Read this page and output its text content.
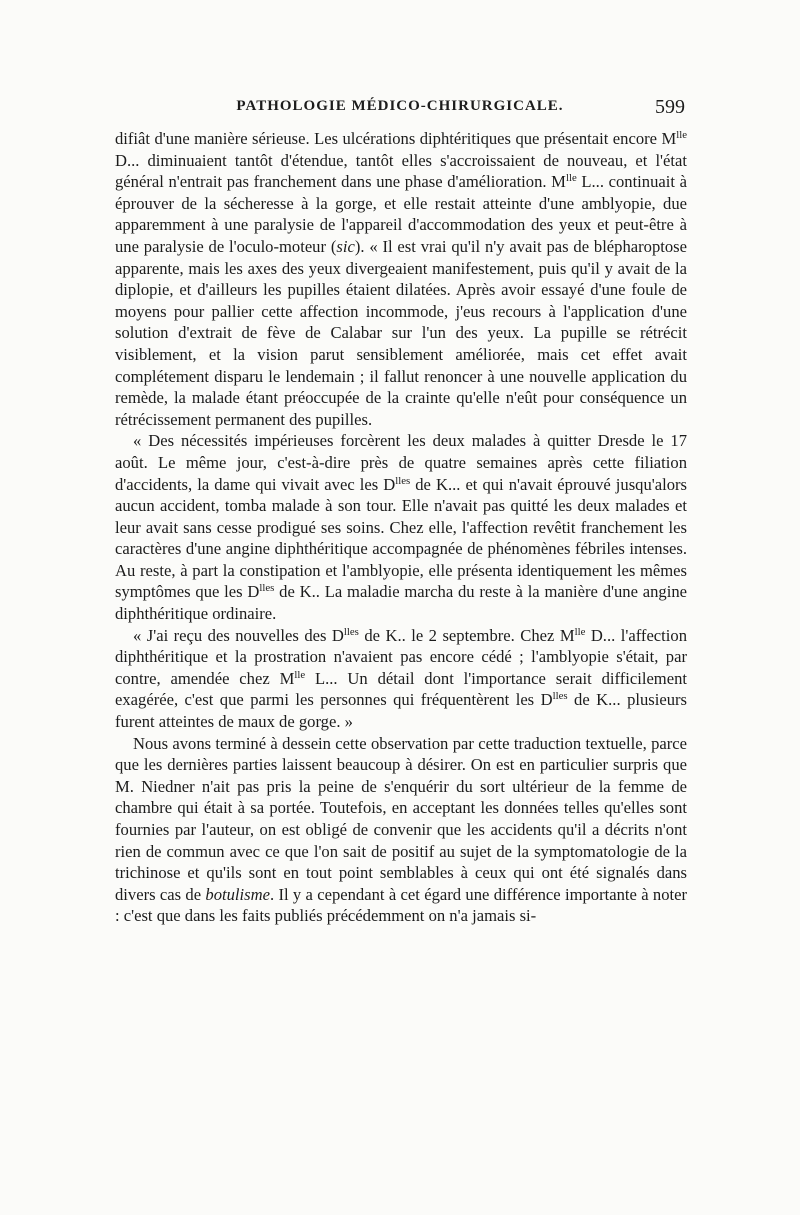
PATHOLOGIE MÉDICO-CHIRURGICALE.	599

difiât d'une manière sérieuse. Les ulcérations diphtéritiques que présentait encore $M^{lle}$ D... diminuaient tantôt d'étendue, tantôt elles s'accroissaient de nouveau, et l'état général n'entrait pas franchement dans une phase d'amélioration. $M^{lle}$ L... continuait à éprouver de la sécheresse à la gorge, et elle restait atteinte d'une amblyopie, due apparemment à une paralysie de l'appareil d'accommodation des yeux et peut-être à une paralysie de l'oculo-moteur (sic). « Il est vrai qu'il n'y avait pas de blépharoptose apparente, mais les axes des yeux divergeaient manifestement, puis qu'il y avait de la diplopie, et d'ailleurs les pupilles étaient dilatées. Après avoir essayé d'une foule de moyens pour pallier cette affection incommode, j'eus recours à l'application d'une solution d'extrait de fève de Calabar sur l'un des yeux. La pupille se rétrécit visiblement, et la vision parut sensiblement améliorée, mais cet effet avait complétement disparu le lendemain ; il fallut renoncer à une nouvelle application du remède, la malade étant préoccupée de la crainte qu'elle n'eût pour conséquence un rétrécissement permanent des pupilles.

« Des nécessités impérieuses forcèrent les deux malades à quitter Dresde le 17 août. Le même jour, c'est-à-dire près de quatre semaines après cette filiation d'accidents, la dame qui vivait avec les $D^{lles}$ de K... et qui n'avait éprouvé jusqu'alors aucun accident, tomba malade à son tour. Elle n'avait pas quitté les deux malades et leur avait sans cesse prodigué ses soins. Chez elle, l'affection revêtit franchement les caractères d'une angine diphthéritique accompagnée de phénomènes fébriles intenses. Au reste, à part la constipation et l'amblyopie, elle présenta identiquement les mêmes symptômes que les $D^{lles}$ de K.. La maladie marcha du reste à la manière d'une angine diphthéritique ordinaire.

« J'ai reçu des nouvelles des $D^{lles}$ de K.. le 2 septembre. Chez $M^{lle}$ D... l'affection diphthéritique et la prostration n'avaient pas encore cédé ; l'amblyopie s'était, par contre, amendée chez $M^{lle}$ L... Un détail dont l'importance serait difficilement exagérée, c'est que parmi les personnes qui fréquentèrent les $D^{lles}$ de K... plusieurs furent atteintes de maux de gorge. »

Nous avons terminé à dessein cette observation par cette traduction textuelle, parce que les dernières parties laissent beaucoup à désirer. On est en particulier surpris que M. Niedner n'ait pas pris la peine de s'enquérir du sort ultérieur de la femme de chambre qui était à sa portée. Toutefois, en acceptant les données telles qu'elles sont fournies par l'auteur, on est obligé de convenir que les accidents qu'il a décrits n'ont rien de commun avec ce que l'on sait de positif au sujet de la symptomatologie de la trichinose et qu'ils sont en tout point semblables à ceux qui ont été signalés dans divers cas de botulisme. Il y a cependant à cet égard une différence importante à noter : c'est que dans les faits publiés précédemment on n'a jamais si-
